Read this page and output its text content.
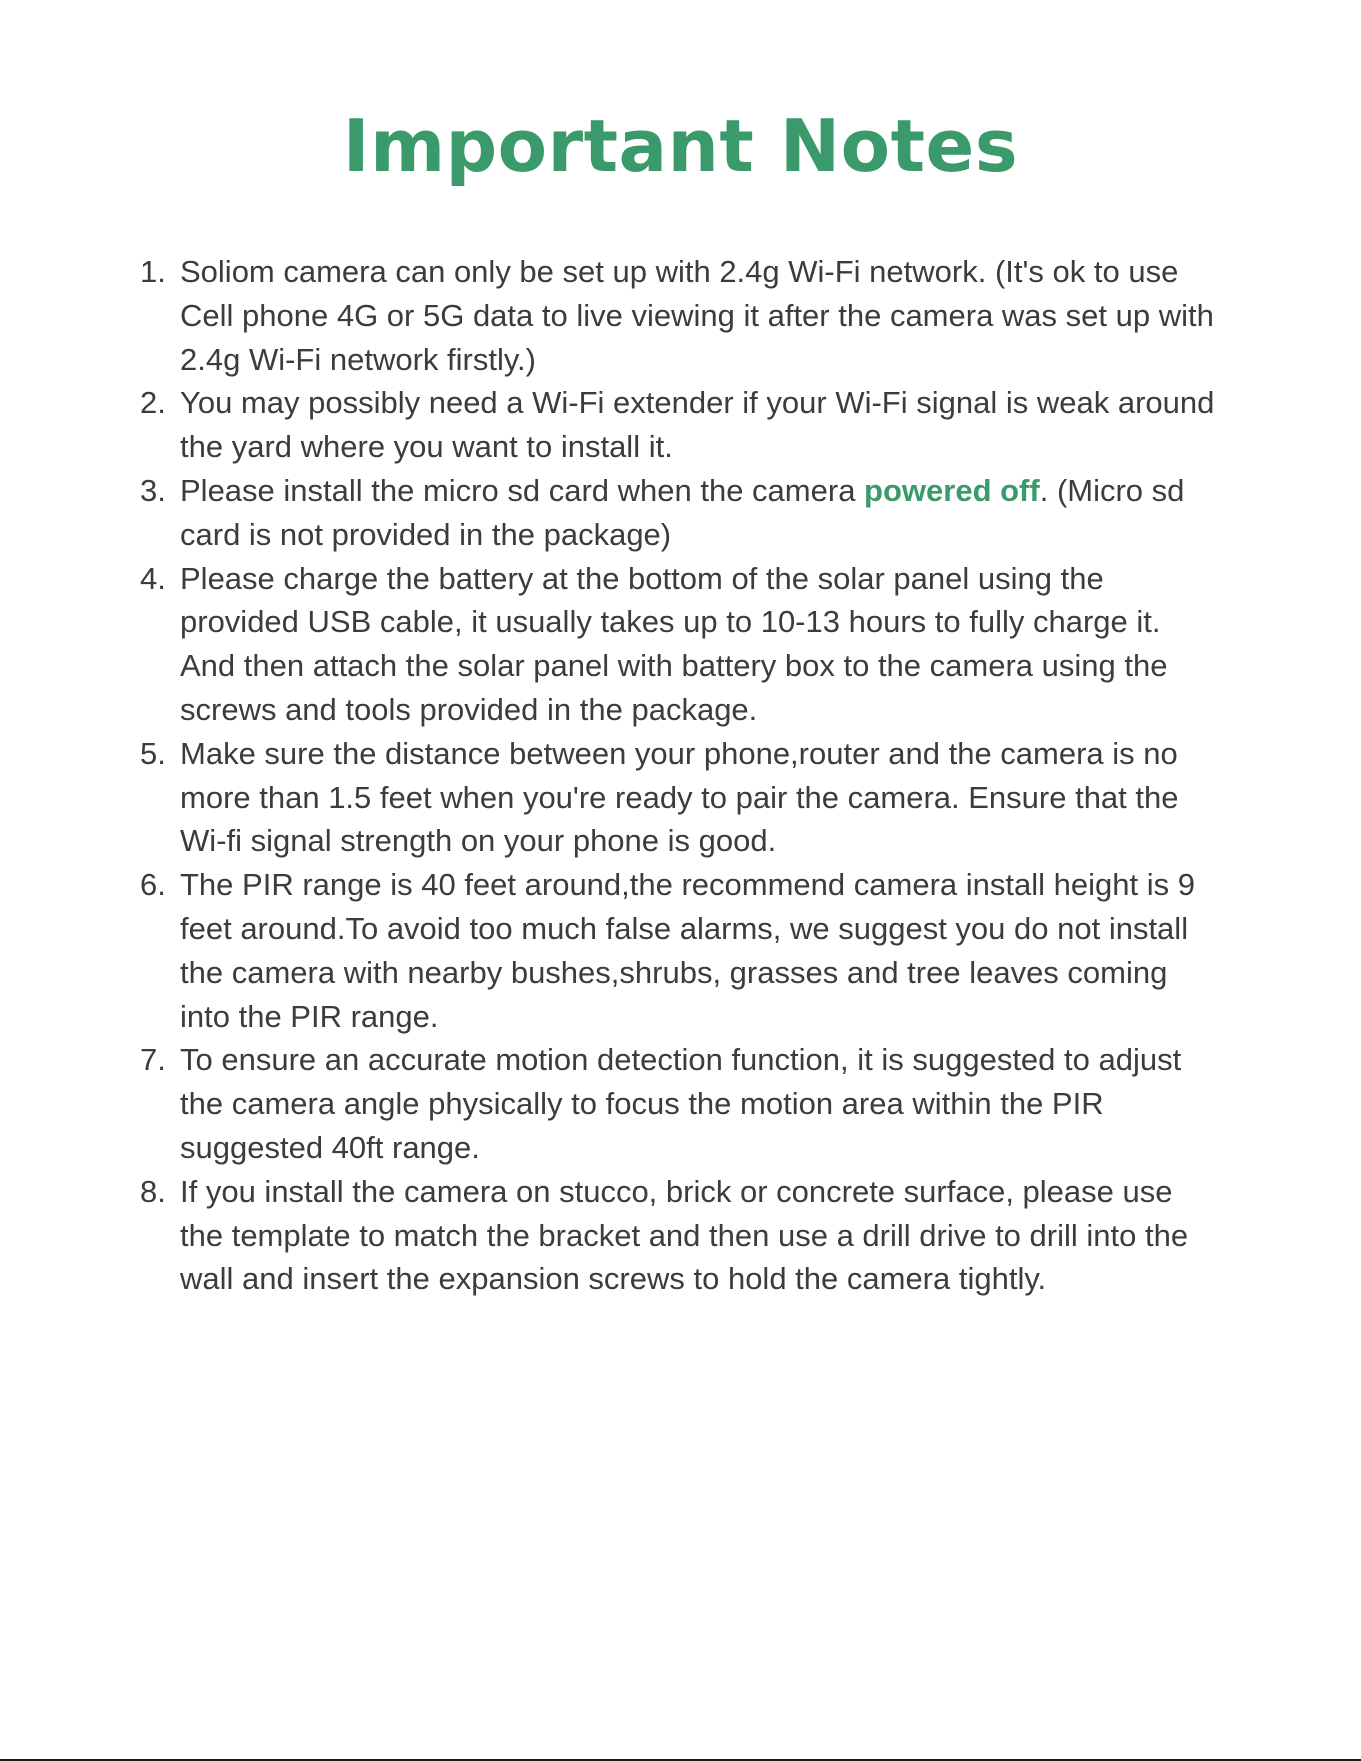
Important Notes
1. Soliom camera can only be set up with 2.4g Wi-Fi network. (It's ok to use Cell phone 4G or 5G data to live viewing it after the camera was set up with 2.4g Wi-Fi network firstly.)
2. You may possibly need a Wi-Fi extender if your Wi-Fi signal is weak around the yard where you want to install it.
3. Please install the micro sd card when the camera powered off. (Micro sd card is not provided in the package)
4. Please charge the battery at the bottom of the solar panel using the provided USB cable, it usually takes up to 10-13 hours to fully charge it. And then attach the solar panel with battery box to the camera using the screws and tools provided in the package.
5. Make sure the distance between your phone,router and the camera is no more than 1.5 feet when you're ready to pair the camera. Ensure that the Wi-fi signal strength on your phone is good.
6. The PIR range is 40 feet around,the recommend camera install height is 9 feet around.To avoid too much false alarms, we suggest you do not install the camera with nearby bushes,shrubs, grasses and tree leaves coming into the PIR range.
7. To ensure an accurate motion detection function, it is suggested to adjust the camera angle physically to focus the motion area within the PIR suggested 40ft range.
8. If you install the camera on stucco, brick or concrete surface, please use the template to match the bracket and then use a drill drive to drill into the wall and insert the expansion screws to hold the camera tightly.
